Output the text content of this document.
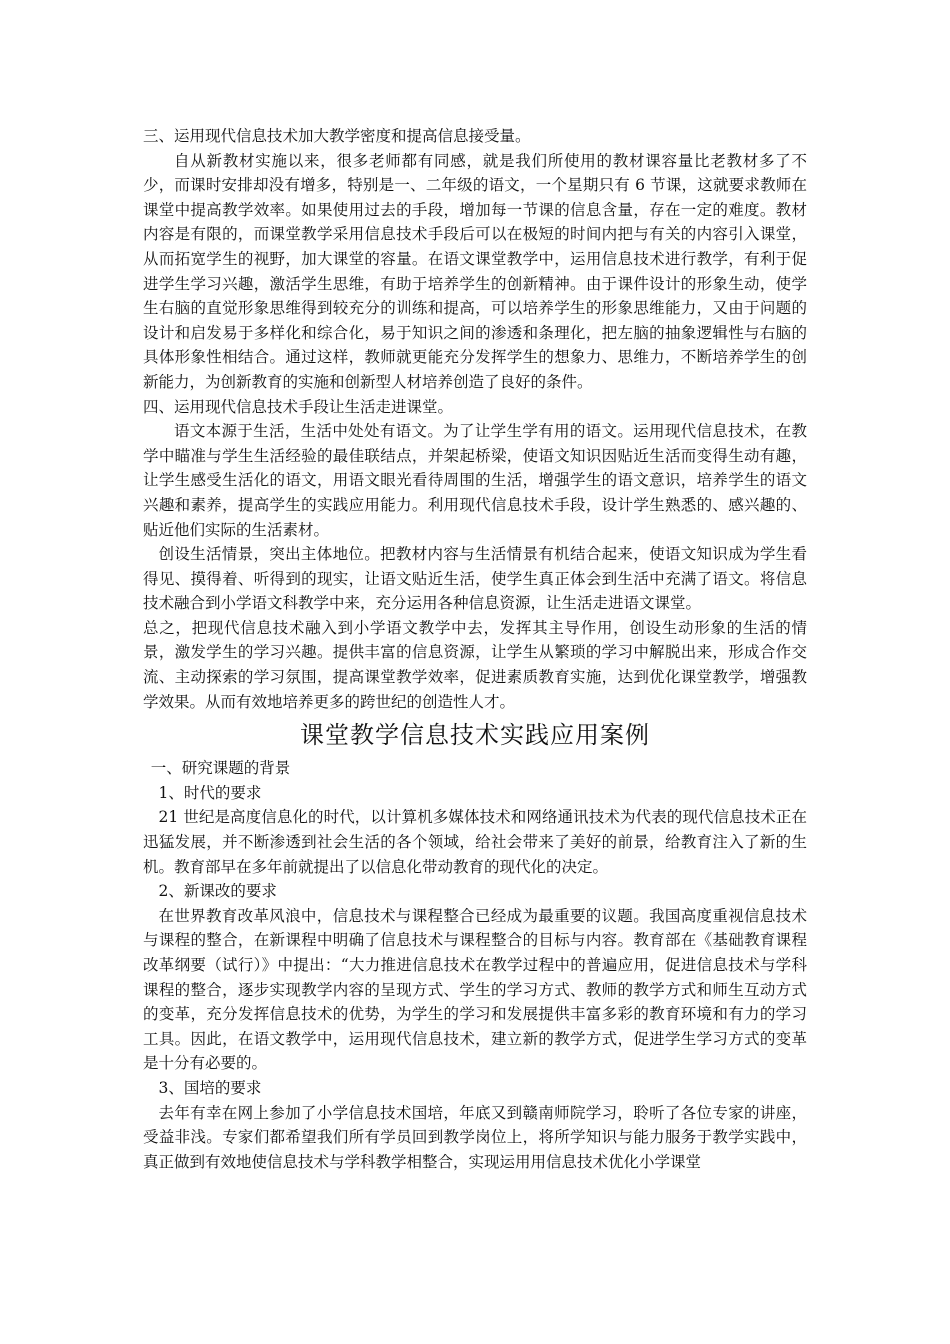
三、运用现代信息技术加大教学密度和提高信息接受量。

自从新教材实施以来，很多老师都有同感，就是我们所使用的教材课容量比老教材多了不少，而课时安排却没有增多，特别是一、二年级的语文，一个星期只有 6 节课，这就要求教师在课堂中提高教学效率。如果使用过去的手段，增加每一节课的信息含量，存在一定的难度。教材内容是有限的，而课堂教学采用信息技术手段后可以在极短的时间内把与有关的内容引入课堂，从而拓宽学生的视野，加大课堂的容量。在语文课堂教学中，运用信息技术进行教学，有利于促进学生学习兴趣，激活学生思维，有助于培养学生的创新精神。由于课件设计的形象生动，使学生右脑的直觉形象思维得到较充分的训练和提高，可以培养学生的形象思维能力，又由于问题的设计和启发易于多样化和综合化，易于知识之间的渗透和条理化，把左脑的抽象逻辑性与右脑的具体形象性相结合。通过这样，教师就更能充分发挥学生的想象力、思维力，不断培养学生的创新能力，为创新教育的实施和创新型人材培养创造了良好的条件。

四、运用现代信息技术手段让生活走进课堂。

语文本源于生活，生活中处处有语文。为了让学生学有用的语文。运用现代信息技术，在教学中瞄准与学生生活经验的最佳联结点，并架起桥梁，使语文知识因贴近生活而变得生动有趣，让学生感受生活化的语文，用语文眼光看待周围的生活，增强学生的语文意识，培养学生的语文兴趣和素养，提高学生的实践应用能力。利用现代信息技术手段，设计学生熟悉的、感兴趣的、贴近他们实际的生活素材。

创设生活情景，突出主体地位。把教材内容与生活情景有机结合起来，使语文知识成为学生看得见、摸得着、听得到的现实，让语文贴近生活，使学生真正体会到生活中充满了语文。将信息技术融合到小学语文科教学中来，充分运用各种信息资源，让生活走进语文课堂。

总之，把现代信息技术融入到小学语文教学中去，发挥其主导作用，创设生动形象的生活的情景，激发学生的学习兴趣。提供丰富的信息资源，让学生从繁琐的学习中解脱出来，形成合作交流、主动探索的学习氛围，提高课堂教学效率，促进素质教育实施，达到优化课堂教学，增强教学效果。从而有效地培养更多的跨世纪的创造性人才。

课堂教学信息技术实践应用案例

一、研究课题的背景

1、时代的要求

21 世纪是高度信息化的时代，以计算机多媒体技术和网络通讯技术为代表的现代信息技术正在迅猛发展，并不断渗透到社会生活的各个领域，给社会带来了美好的前景，给教育注入了新的生机。教育部早在多年前就提出了以信息化带动教育的现代化的决定。

2、新课改的要求

在世界教育改革风浪中，信息技术与课程整合已经成为最重要的议题。我国高度重视信息技术与课程的整合，在新课程中明确了信息技术与课程整合的目标与内容。教育部在《基础教育课程改革纲要（试行）》中提出：“大力推进信息技术在教学过程中的普遍应用，促进信息技术与学科课程的整合，逐步实现教学内容的呈现方式、学生的学习方式、教师的教学方式和师生互动方式的变革，充分发挥信息技术的优势，为学生的学习和发展提供丰富多彩的教育环境和有力的学习工具。因此，在语文教学中，运用现代信息技术，建立新的教学方式，促进学生学习方式的变革是十分有必要的。

3、国培的要求

去年有幸在网上参加了小学信息技术国培，年底又到赣南师院学习，聆听了各位专家的讲座，受益非浅。专家们都希望我们所有学员回到教学岗位上，将所学知识与能力服务于教学实践中，真正做到有效地使信息技术与学科教学相整合，实现运用用信息技术优化小学课堂
